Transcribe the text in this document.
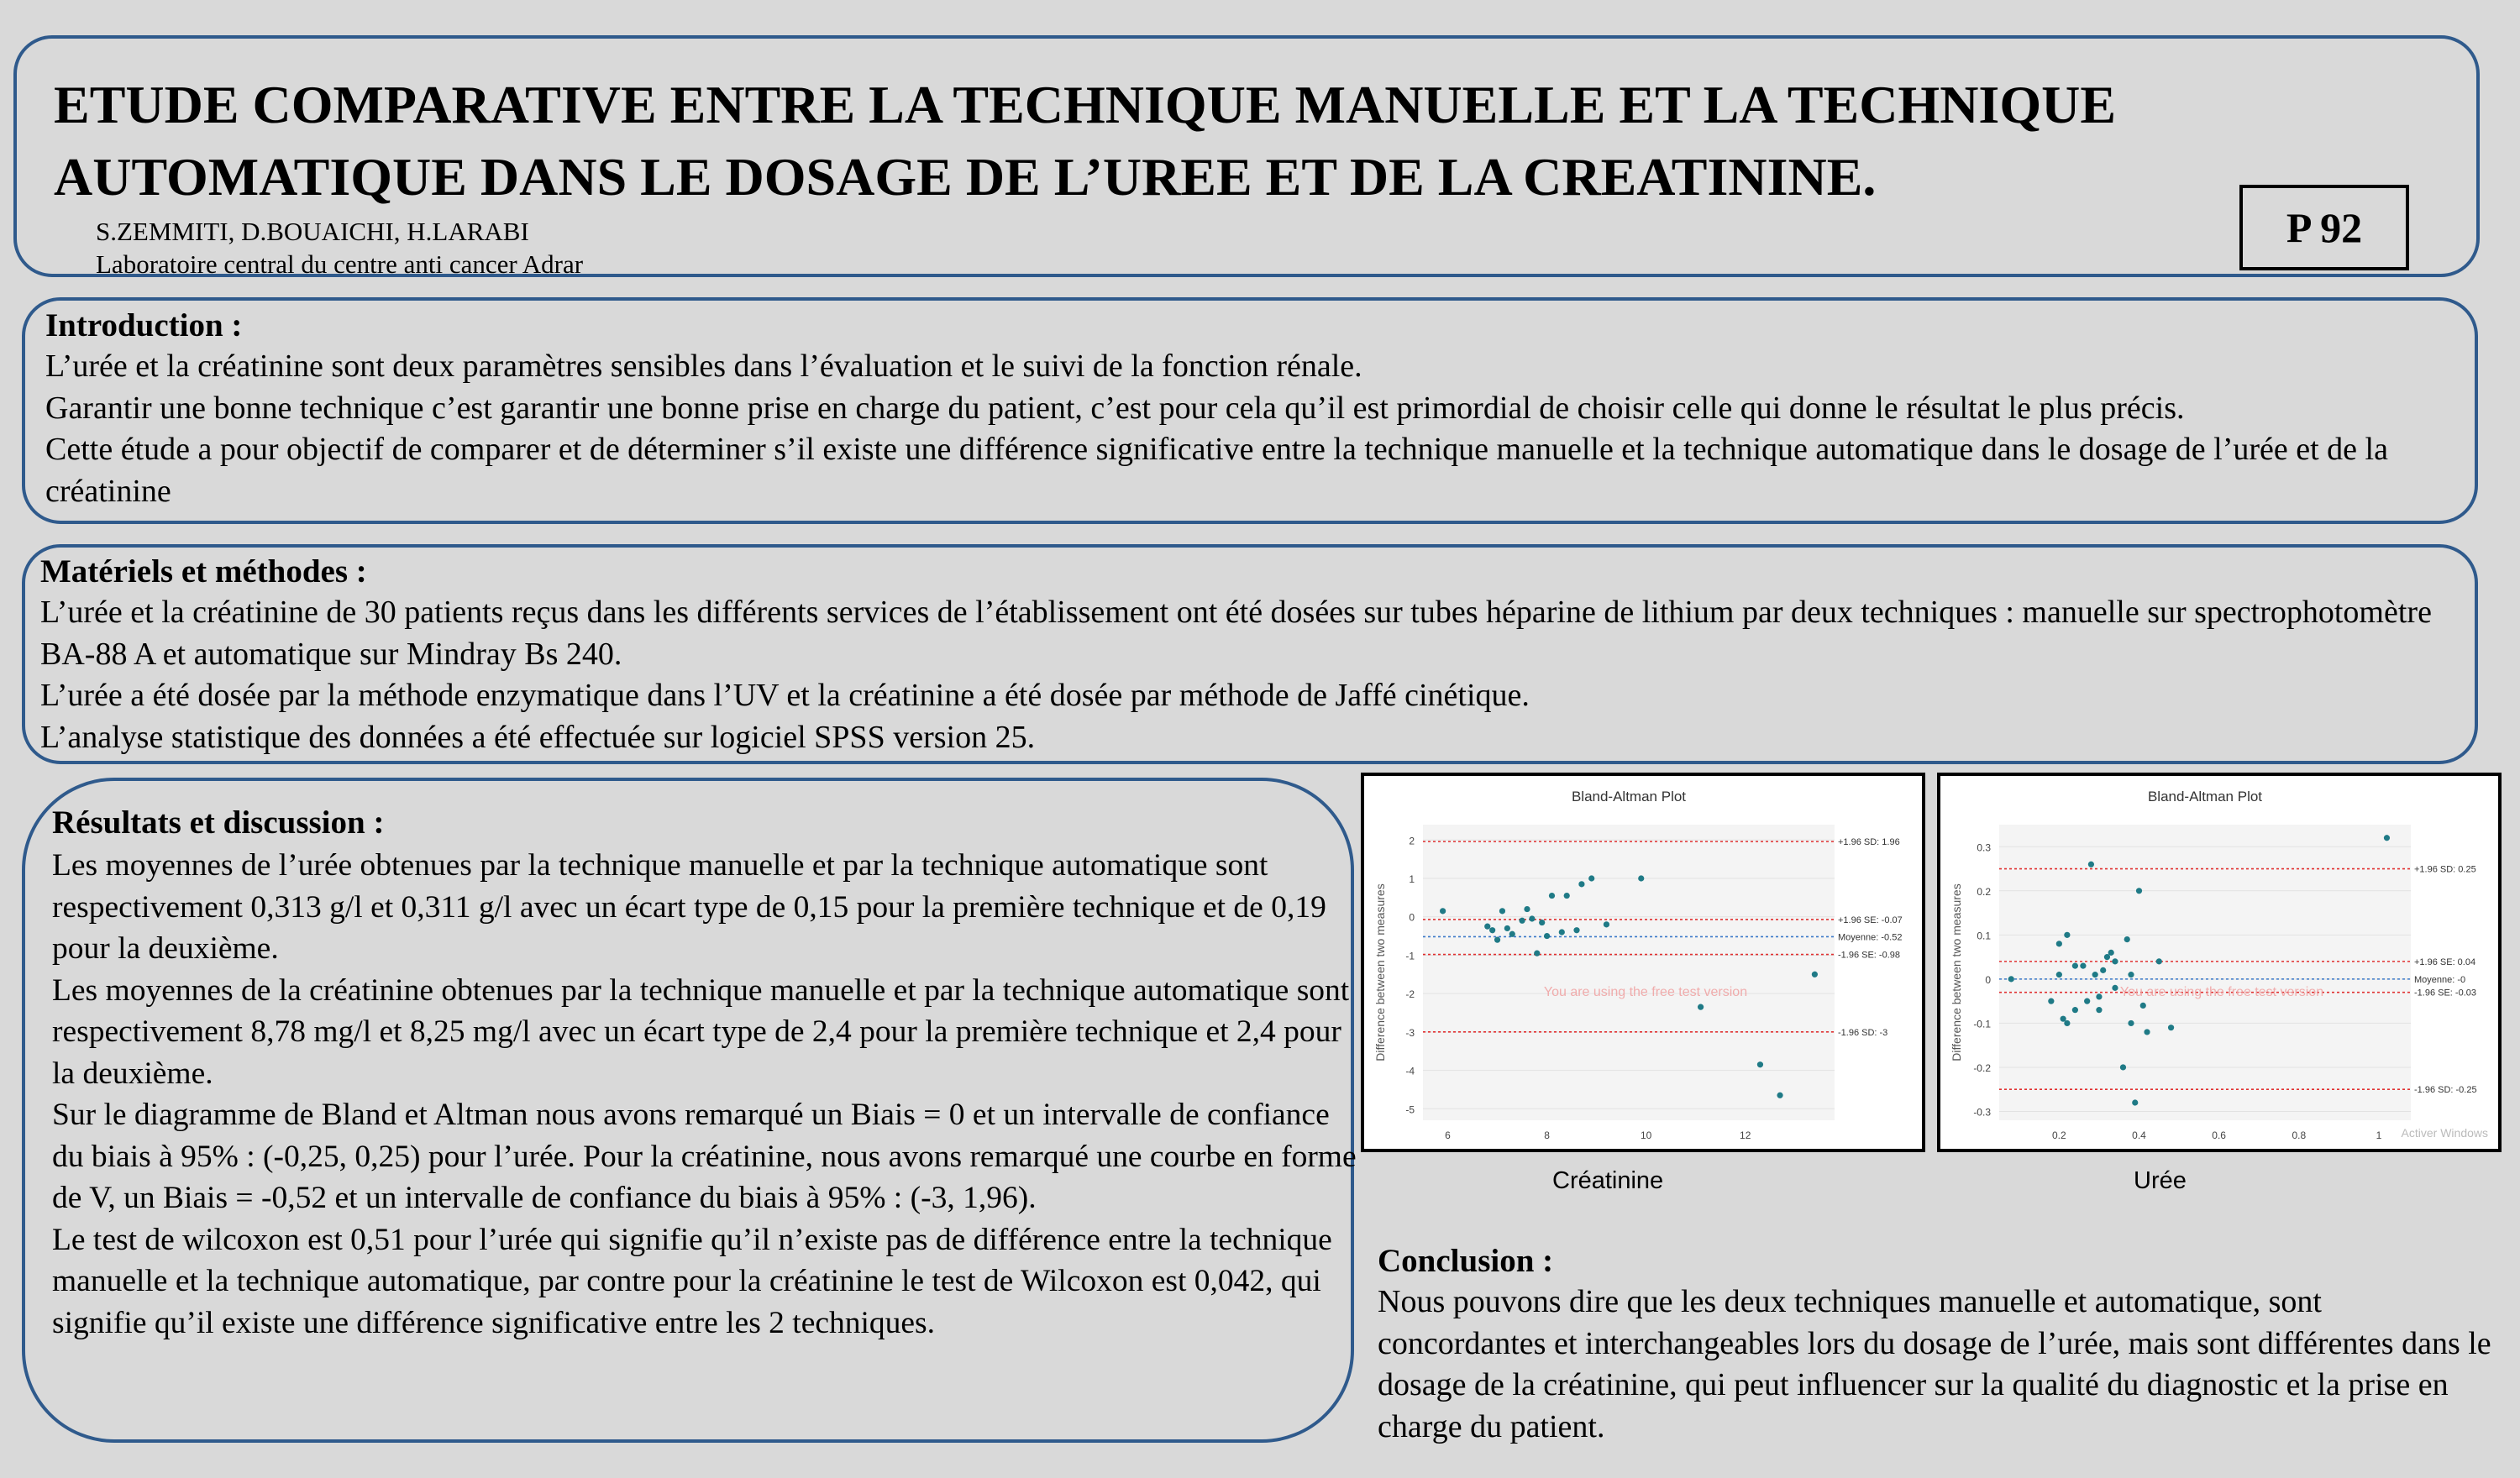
ETUDE COMPARATIVE ENTRE LA TECHNIQUE MANUELLE ET LA TECHNIQUE AUTOMATIQUE DANS LE DOSAGE DE L’UREE ET DE LA CREATININE.
S.ZEMMITI, D.BOUAICHI, H.LARABI
Laboratoire central du centre anti cancer Adrar
P 92
Introduction :

L’urée et la créatinine sont deux paramètres sensibles dans l’évaluation et le suivi de la fonction rénale.

Garantir une bonne technique c’est garantir une bonne prise en charge du patient, c’est pour cela qu’il est primordial de choisir celle qui donne le résultat le plus précis.

Cette étude a pour objectif de comparer et de déterminer s’il existe une différence significative entre la technique manuelle et la technique automatique dans le dosage de l’urée et de la créatinine

Matériels et méthodes :

L’urée et la créatinine de 30 patients reçus dans les différents services de l’établissement ont été dosées sur tubes héparine de lithium par deux techniques : manuelle sur spectrophotomètre BA-88 A et automatique sur Mindray Bs 240.

L’urée a été dosée par la méthode enzymatique dans l’UV et la créatinine a été dosée par méthode de Jaffé cinétique.

L’analyse statistique des données a été effectuée sur logiciel SPSS version 25.

Résultats et discussion :

Les moyennes de l’urée obtenues par la technique manuelle et par la technique automatique sont respectivement 0,313 g/l et 0,311 g/l avec un écart type de 0,15 pour la première technique et de 0,19 pour la deuxième.

Les moyennes de la créatinine obtenues par la technique manuelle et par la technique automatique sont respectivement 8,78 mg/l et 8,25 mg/l avec un écart type de 2,4 pour la première technique et 2,4 pour la deuxième.

Sur le diagramme de Bland et Altman nous avons remarqué un Biais = 0 et un intervalle de confiance du biais à 95% : (-0,25, 0,25) pour l’urée. Pour la créatinine, nous avons remarqué une courbe en forme de V, un Biais = -0,52 et un intervalle de confiance du biais à 95% : (-3, 1,96).

Le test de wilcoxon est 0,51 pour l’urée qui signifie qu’il n’existe pas de différence entre la technique manuelle et la technique automatique, par contre pour la créatinine le test de Wilcoxon est 0,042, qui signifie qu’il existe une différence significative entre les 2 techniques.

Bland-Altman Plot
Difference between two measures
2
1
0
-1
-2
-3
-4
-5
6	8	10	12
+1.96 SD: 1.96
+1.96 SE: -0.07
Moyenne: -0.52
-1.96 SE: -0.98
-1.96 SD: -3
You are using the free test version
Bland-Altman Plot
Difference between two measures
0.3
0.2
0.1
0
-0.1
-0.2
-0.3
0.2	0.4	0.6	0.8	1
+1.96 SD: 0.25
+1.96 SE: 0.04
Moyenne: -0
-1.96 SE: -0.03
-1.96 SD: -0.25
You are using the free test version
Activer Windows
Créatinine	Urée
Conclusion :

Nous pouvons dire que les deux techniques manuelle et automatique, sont concordantes et interchangeables lors du dosage de l’urée, mais sont différentes dans le dosage de la créatinine, qui peut influencer sur la qualité du diagnostic et la prise en charge du patient.
